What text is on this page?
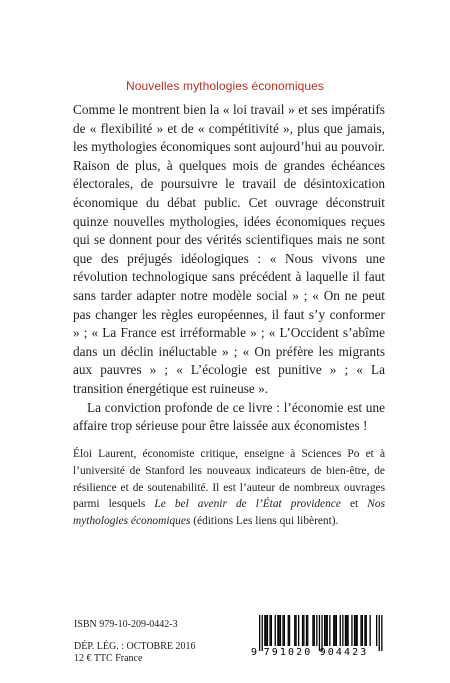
Nouvelles mythologies économiques

Comme le montrent bien la « loi travail » et ses impératifs de « flexibilité » et de « compétitivité », plus que jamais, les mythologies économiques sont aujourd’hui au pouvoir. Raison de plus, à quelques mois de grandes échéances électorales, de poursuivre le travail de désintoxication économique du débat public. Cet ouvrage déconstruit quinze nouvelles mythologies, idées économiques reçues qui se donnent pour des vérités scientifiques mais ne sont que des préjugés idéologiques : « Nous vivons une révolution technologique sans précédent à laquelle il faut sans tarder adapter notre modèle social » ; « On ne peut pas changer les règles européennes, il faut s’y conformer » ; « La France est irréformable » ; « L’Occident s’abîme dans un déclin inéluctable » ; « On préfère les migrants aux pauvres » ; « L’écologie est punitive » ; « La transition énergétique est ruineuse ».

La conviction profonde de ce livre : l’économie est une affaire trop sérieuse pour être laissée aux économistes !

Éloi Laurent, économiste critique, enseigne à Sciences Po et à l’université de Stanford les nouveaux indicateurs de bien-être, de résilience et de soutenabilité. Il est l’auteur de nombreux ouvrages parmi lesquels Le bel avenir de l’État providence et Nos mythologies économiques (éditions Les liens qui libèrent).

ISBN 979-10-209-0442-3
DÉP. LÉG. : OCTOBRE 2016
12 € TTC France
9 791020 904423
